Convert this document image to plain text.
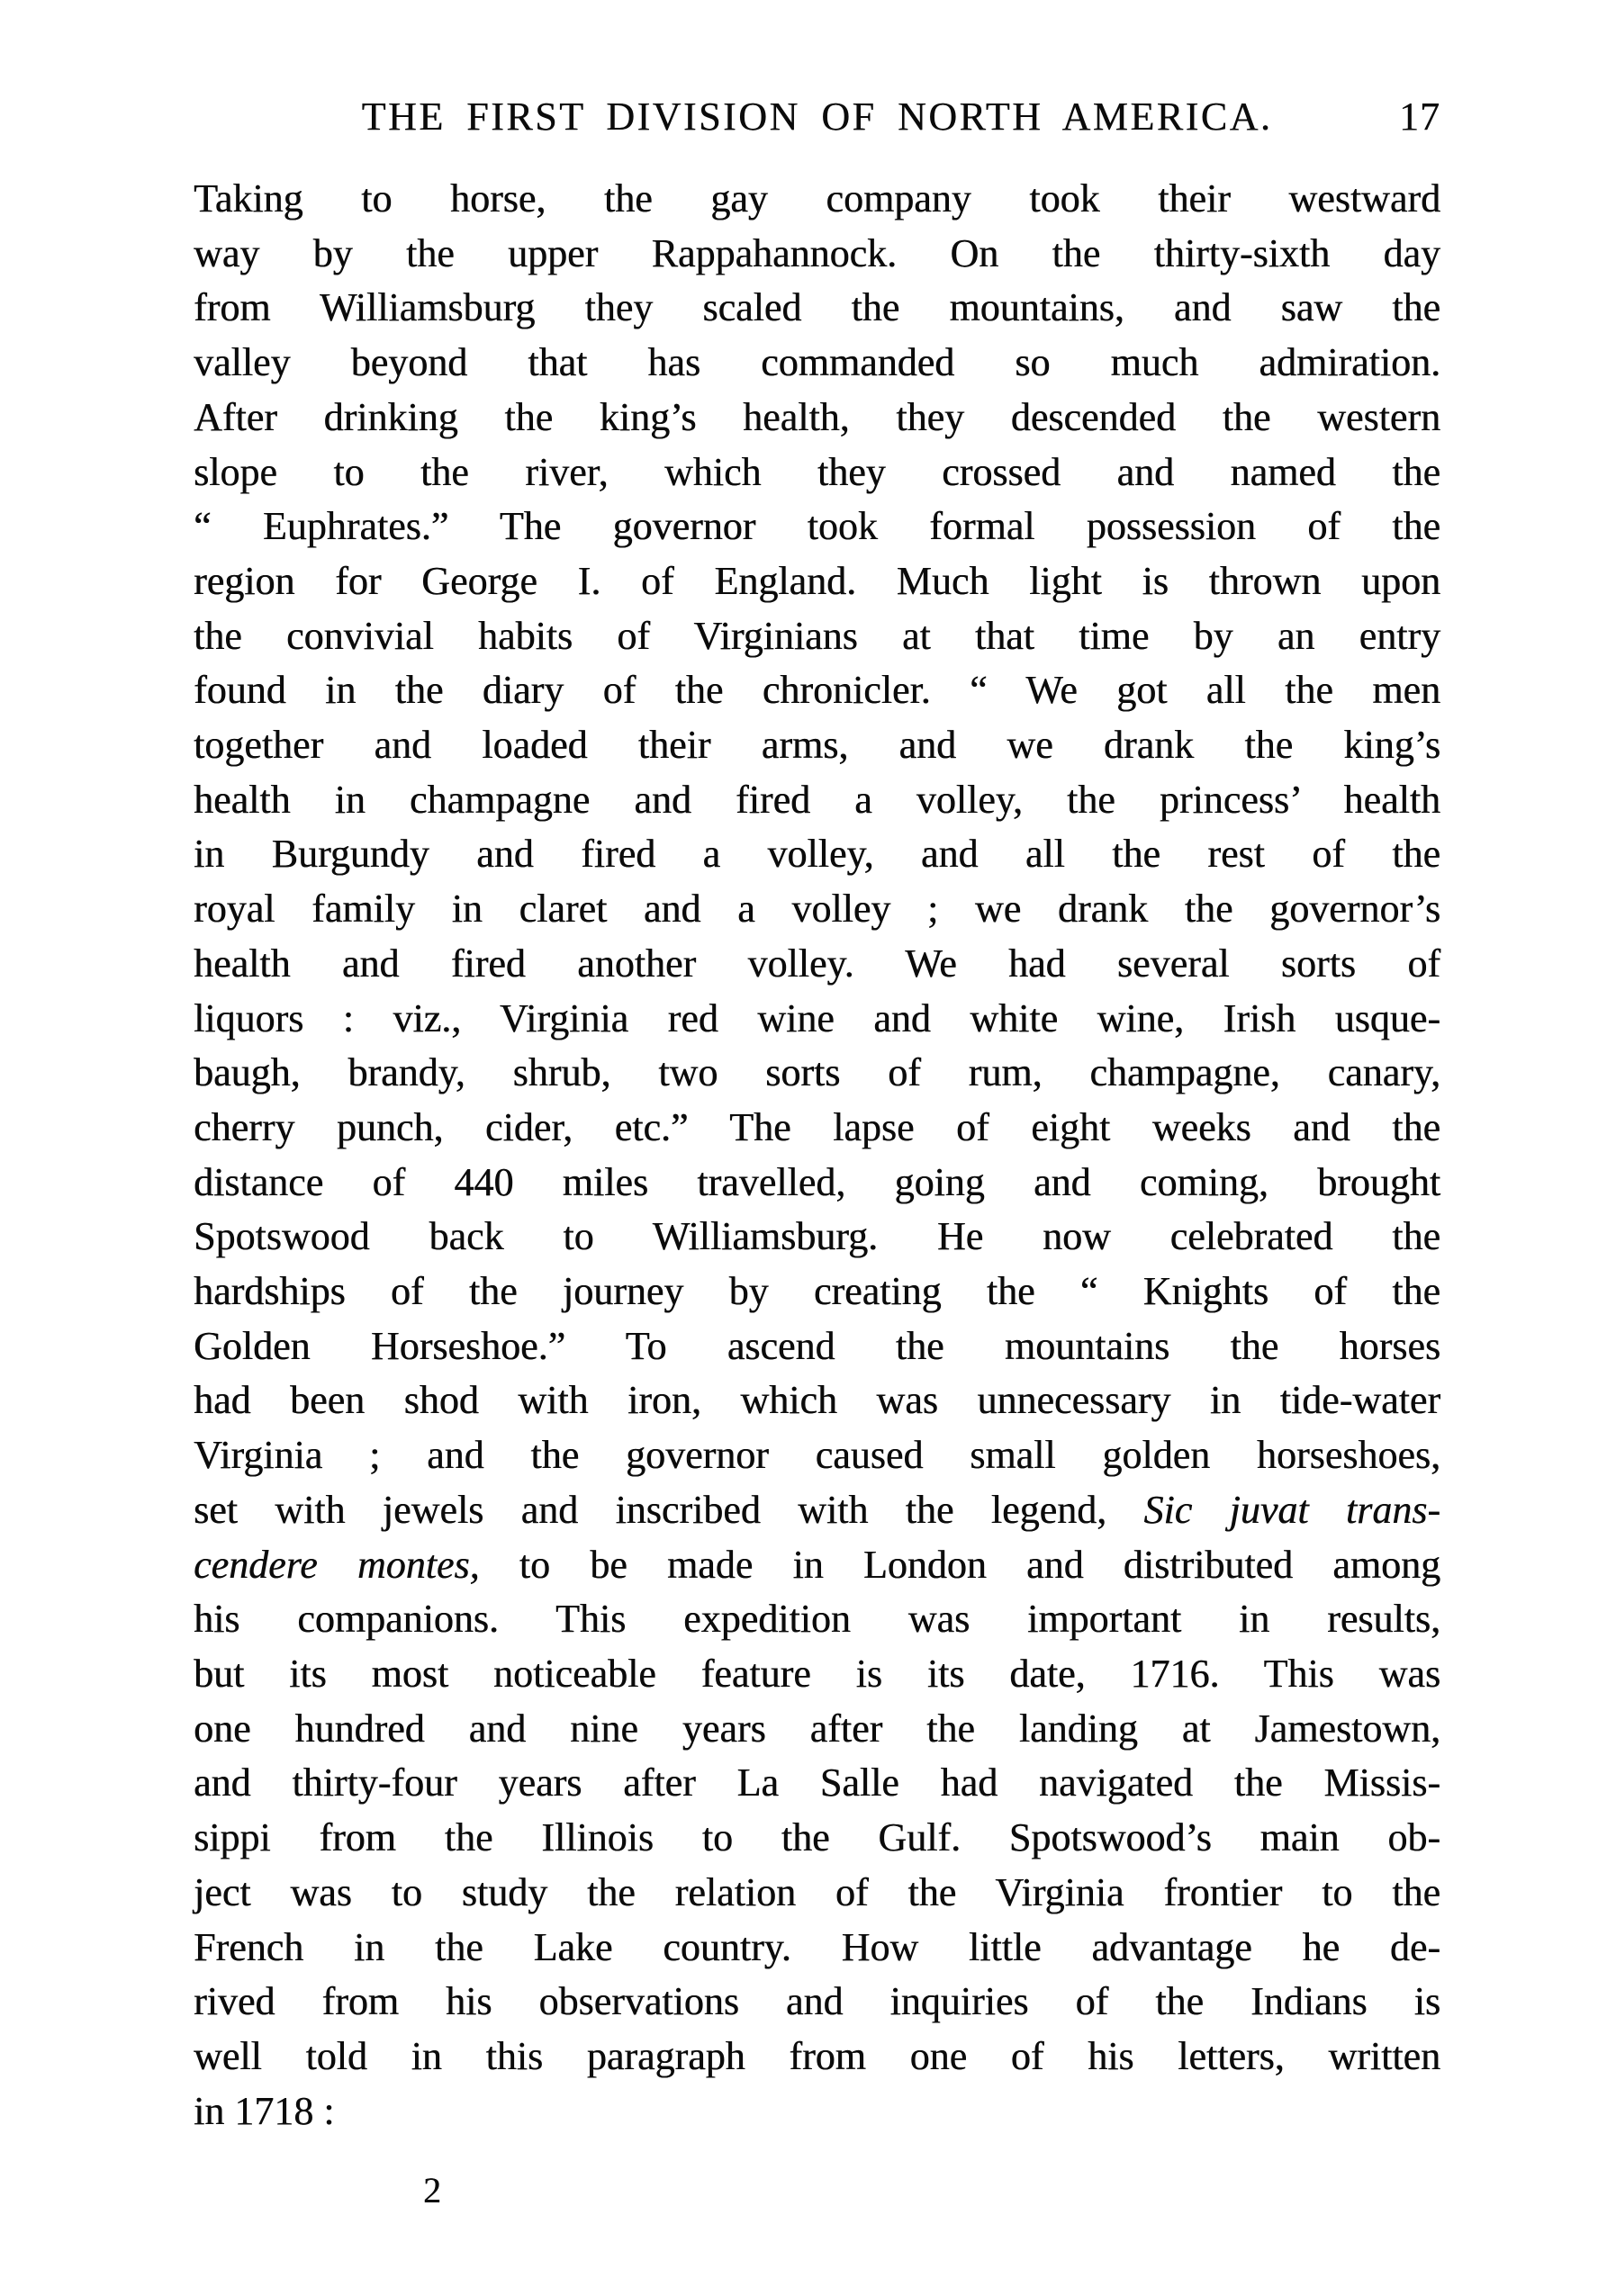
THE FIRST DIVISION OF NORTH AMERICA.	17
Taking to horse, the gay company took their westward
way by the upper Rappahannock. On the thirty-sixth day
from Williamsburg they scaled the mountains, and saw the
valley beyond that has commanded so much admiration.
After drinking the king’s health, they descended the western
slope to the river, which they crossed and named the
“ Euphrates.” The governor took formal possession of the
region for George I. of England. Much light is thrown upon
the convivial habits of Virginians at that time by an entry
found in the diary of the chronicler. “ We got all the men
together and loaded their arms, and we drank the king’s
health in champagne and fired a volley, the princess’ health
in Burgundy and fired a volley, and all the rest of the
royal family in claret and a volley ; we drank the governor’s
health and fired another volley. We had several sorts of
liquors : viz., Virginia red wine and white wine, Irish usque-
baugh, brandy, shrub, two sorts of rum, champagne, canary,
cherry punch, cider, etc.” The lapse of eight weeks and the
distance of 440 miles travelled, going and coming, brought
Spotswood back to Williamsburg. He now celebrated the
hardships of the journey by creating the “ Knights of the
Golden Horseshoe.” To ascend the mountains the horses
had been shod with iron, which was unnecessary in tide-water
Virginia ; and the governor caused small golden horseshoes,
set with jewels and inscribed with the legend, Sic juvat trans-
cendere montes, to be made in London and distributed among
his companions. This expedition was important in results,
but its most noticeable feature is its date, 1716. This was
one hundred and nine years after the landing at Jamestown,
and thirty-four years after La Salle had navigated the Missis-
sippi from the Illinois to the Gulf. Spotswood’s main ob-
ject was to study the relation of the Virginia frontier to the
French in the Lake country. How little advantage he de-
rived from his observations and inquiries of the Indians is
well told in this paragraph from one of his letters, written
in 1718 :
2
